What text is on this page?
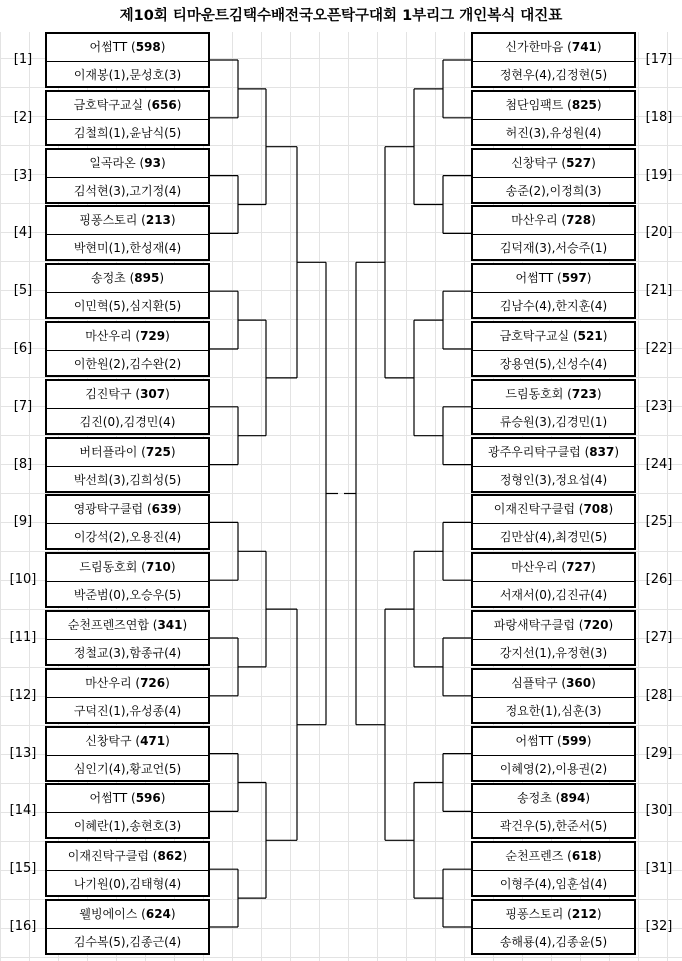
제10회 티마운트김택수배전국오픈탁구대회 1부리그 개인복식 대진표
어썸TT (598)
이재봉(1),문성호(3)
[1]
금호탁구교실 (656)
김철희(1),윤남식(5)
[2]
일곡라온 (93)
김석현(3),고기정(4)
[3]
핑퐁스토리 (213)
박현미(1),한성재(4)
[4]
송정초 (895)
이민혁(5),심지환(5)
[5]
마산우리 (729)
이한원(2),김수완(2)
[6]
김진탁구 (307)
김진(0),김경민(4)
[7]
버터플라이 (725)
박선희(3),김희성(5)
[8]
영광탁구클럽 (639)
이강석(2),오용진(4)
[9]
드림동호회 (710)
박준범(0),오승우(5)
[10]
순천프렌즈연합 (341)
정철교(3),함종규(4)
[11]
마산우리 (726)
구덕진(1),유성종(4)
[12]
신창탁구 (471)
심인기(4),황교언(5)
[13]
어썸TT (596)
이혜란(1),송현호(3)
[14]
이재진탁구클럽 (862)
나기원(0),김태형(4)
[15]
웰빙에이스 (624)
김수복(5),김종근(4)
[16]
신가한마음 (741)
정현우(4),김정현(5)
[17]
첨단임팩트 (825)
허진(3),유성원(4)
[18]
신창탁구 (527)
송준(2),이정희(3)
[19]
마산우리 (728)
김덕재(3),서승주(1)
[20]
어썸TT (597)
김남수(4),한지훈(4)
[21]
금호탁구교실 (521)
장용연(5),신성수(4)
[22]
드림동호회 (723)
류승원(3),김경민(1)
[23]
광주우리탁구클럽 (837)
정형인(3),정요섭(4)
[24]
이재진탁구클럽 (708)
김만삼(4),최경민(5)
[25]
마산우리 (727)
서재서(0),김진규(4)
[26]
파랑새탁구클럽 (720)
강지선(1),유정현(3)
[27]
심플탁구 (360)
정요한(1),심훈(3)
[28]
어썸TT (599)
이혜영(2),이용권(2)
[29]
송정초 (894)
곽건우(5),한준서(5)
[30]
순천프렌즈 (618)
이형주(4),임훈섭(4)
[31]
핑퐁스토리 (212)
송해룡(4),김종윤(5)
[32]
